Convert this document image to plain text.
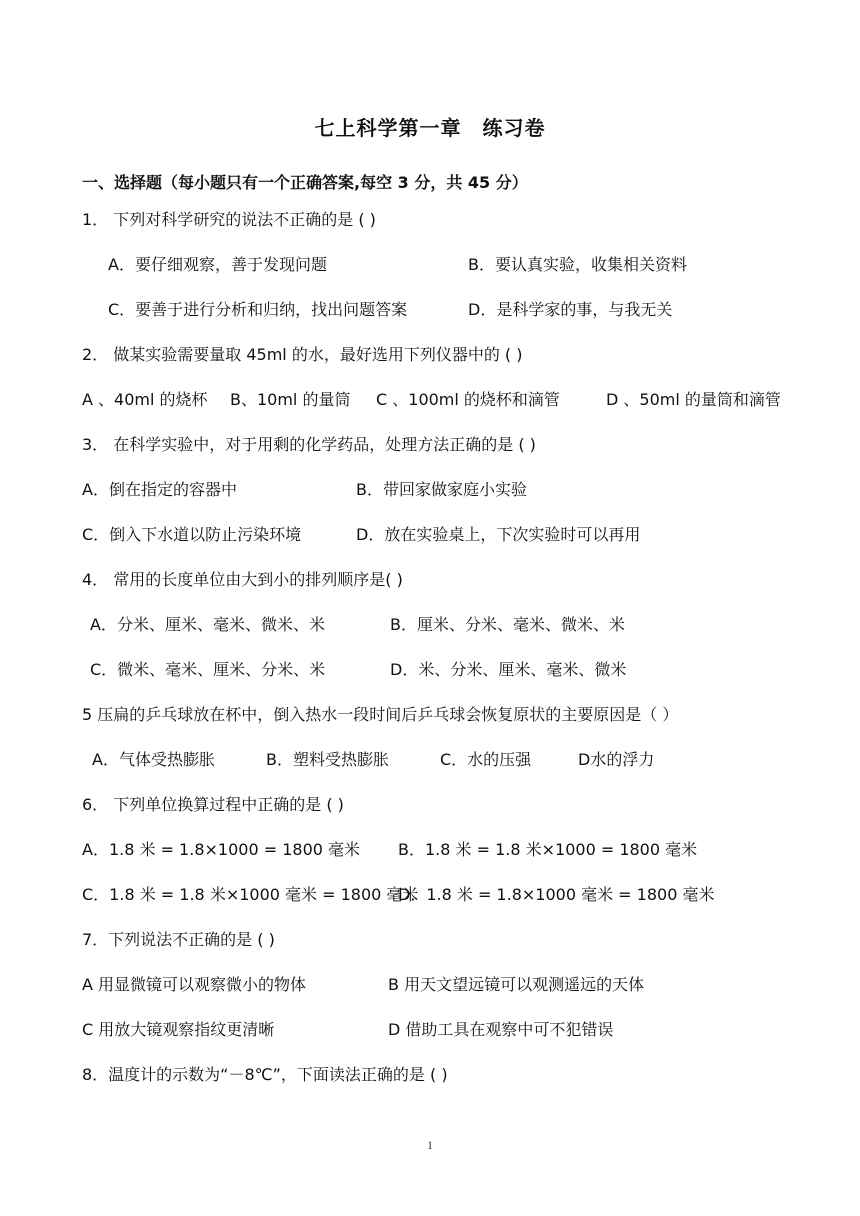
七上科学第一章　练习卷
一、选择题（每小题只有一个正确答案,每空 3 分，共 45 分）
1． 下列对科学研究的说法不正确的是 ( )
A．要仔细观察，善于发现问题	B．要认真实验，收集相关资料
C．要善于进行分析和归纳，找出问题答案	D．是科学家的事，与我无关
2． 做某实验需要量取 45ml 的水，最好选用下列仪器中的 ( )
A 、40ml 的烧杯 B、10ml 的量筒 C 、100ml 的烧杯和滴管	D 、50ml 的量筒和滴管
3． 在科学实验中，对于用剩的化学药品，处理方法正确的是 ( )
A．倒在指定的容器中	B．带回家做家庭小实验
C．倒入下水道以防止污染环境	D．放在实验桌上，下次实验时可以再用
4． 常用的长度单位由大到小的排列顺序是( )
A．分米、厘米、毫米、微米、米	B．厘米、分米、毫米、微米、米
C．微米、毫米、厘米、分米、米	D．米、分米、厘米、毫米、微米
5 压扁的乒乓球放在杯中，倒入热水一段时间后乒乓球会恢复原状的主要原因是（ ）
A．气体受热膨胀	B．塑料受热膨胀	C．水的压强	D水的浮力
6． 下列单位换算过程中正确的是 ( )
A．1.8 米 = 1.8×1000 = 1800 毫米 B．1.8 米 = 1.8 米×1000 = 1800 毫米
C．1.8 米 = 1.8 米×1000 毫米 = 1800 毫米
D．1.8 米 = 1.8×1000 毫米 = 1800 毫米
7．下列说法不正确的是 ( )
A 用显微镜可以观察微小的物体	B 用天文望远镜可以观测遥远的天体
C 用放大镜观察指纹更清晰	D 借助工具在观察中可不犯错误
8．温度计的示数为“－8℃”，下面读法正确的是 ( )
1
